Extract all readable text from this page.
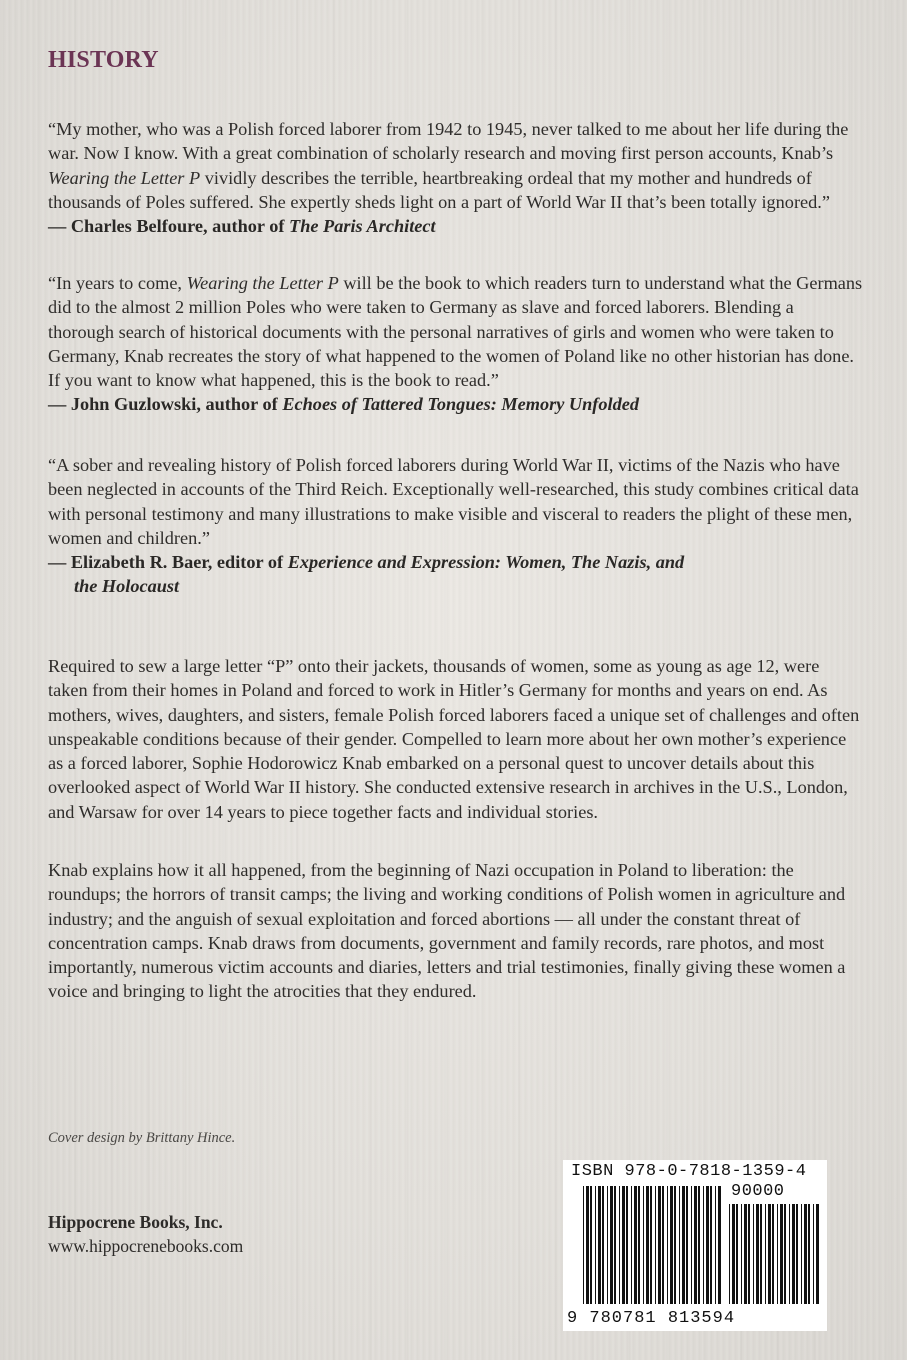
HISTORY

“My mother, who was a Polish forced laborer from 1942 to 1945, never talked to me about her life during the war. Now I know. With a great combination of scholarly research and moving first person accounts, Knab’s Wearing the Letter P vividly describes the terrible, heartbreaking ordeal that my mother and hundreds of thousands of Poles suffered. She expertly sheds light on a part of World War II that’s been totally ignored.”

— Charles Belfoure, author of The Paris Architect

“In years to come, Wearing the Letter P will be the book to which readers turn to understand what the Germans did to the almost 2 million Poles who were taken to Germany as slave and forced laborers. Blending a thorough search of historical documents with the personal narratives of girls and women who were taken to Germany, Knab recreates the story of what happened to the women of Poland like no other historian has done. If you want to know what happened, this is the book to read.”

— John Guzlowski, author of Echoes of Tattered Tongues: Memory Unfolded

“A sober and revealing history of Polish forced laborers during World War II, victims of the Nazis who have been neglected in accounts of the Third Reich. Exceptionally well-researched, this study combines critical data with personal testimony and many illustrations to make visible and visceral to readers the plight of these men, women and children.”

— Elizabeth R. Baer, editor of Experience and Expression: Women, The Nazis, and
the Holocaust

Required to sew a large letter “P” onto their jackets, thousands of women, some as young as age 12, were taken from their homes in Poland and forced to work in Hitler’s Germany for months and years on end. As mothers, wives, daughters, and sisters, female Polish forced laborers faced a unique set of challenges and often unspeakable conditions because of their gender. Compelled to learn more about her own mother’s experience as a forced laborer, Sophie Hodorowicz Knab embarked on a personal quest to uncover details about this overlooked aspect of World War II history. She conducted extensive research in archives in the U.S., London, and Warsaw for over 14 years to piece together facts and individual stories.

Knab explains how it all happened, from the beginning of Nazi occupation in Poland to liberation: the roundups; the horrors of transit camps; the living and working conditions of Polish women in agriculture and industry; and the anguish of sexual exploitation and forced abortions — all under the constant threat of concentration camps. Knab draws from documents, government and family records, rare photos, and most importantly, numerous victim accounts and diaries, letters and trial testimonies, finally giving these women a voice and bringing to light the atrocities that they endured.

Cover design by Brittany Hince.
Hippocrene Books, Inc.
www.hippocrenebooks.com
ISBN 978-0-7818-1359-4
90000
9 780781 813594
